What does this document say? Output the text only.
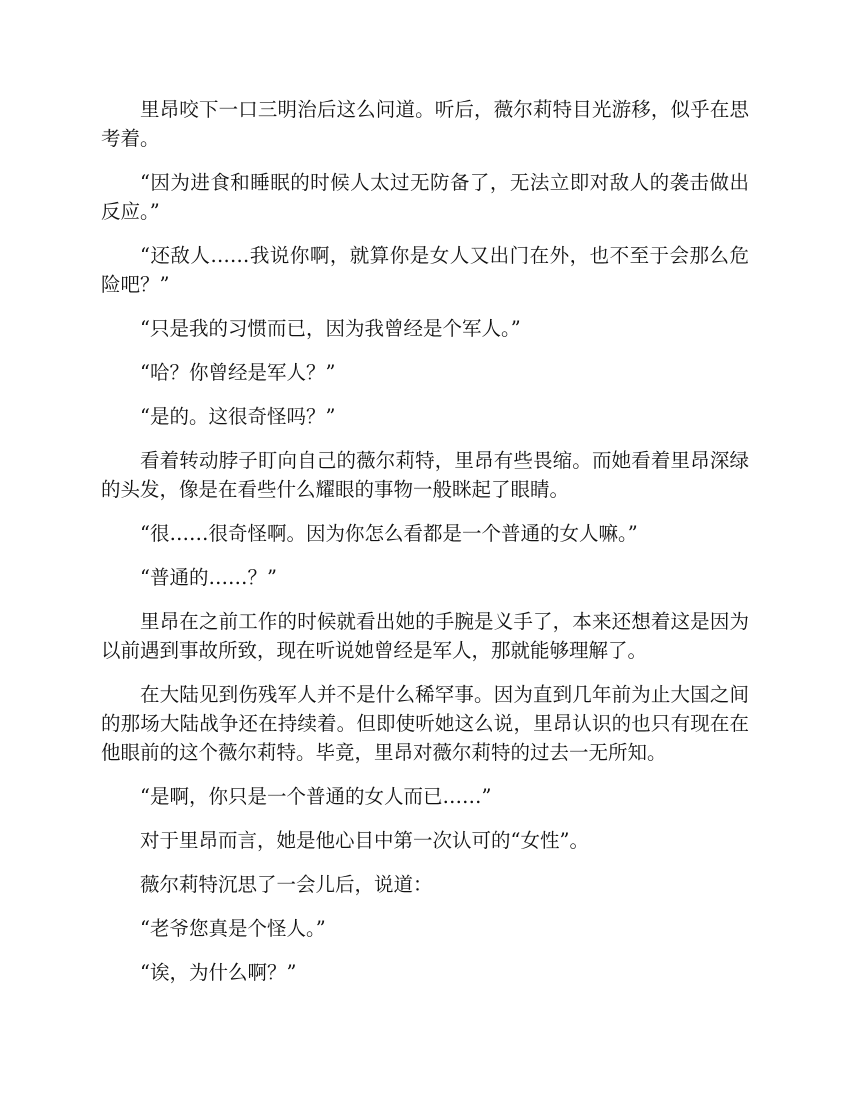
里昂咬下一口三明治后这么问道。听后，薇尔莉特目光游移，似乎在思考着。

“因为进食和睡眠的时候人太过无防备了，无法立即对敌人的袭击做出反应。”

“还敌人……我说你啊，就算你是女人又出门在外，也不至于会那么危险吧？”

“只是我的习惯而已，因为我曾经是个军人。”

“哈？你曾经是军人？”

“是的。这很奇怪吗？”

看着转动脖子盯向自己的薇尔莉特，里昂有些畏缩。而她看着里昂深绿的头发，像是在看些什么耀眼的事物一般眯起了眼睛。

“很……很奇怪啊。因为你怎么看都是一个普通的女人嘛。”

“普通的……？”

里昂在之前工作的时候就看出她的手腕是义手了，本来还想着这是因为以前遇到事故所致，现在听说她曾经是军人，那就能够理解了。

在大陆见到伤残军人并不是什么稀罕事。因为直到几年前为止大国之间的那场大陆战争还在持续着。但即使听她这么说，里昂认识的也只有现在在他眼前的这个薇尔莉特。毕竟，里昂对薇尔莉特的过去一无所知。

“是啊，你只是一个普通的女人而已……”

对于里昂而言，她是他心目中第一次认可的“女性”。

薇尔莉特沉思了一会儿后，说道：

“老爷您真是个怪人。”

“诶，为什么啊？”
